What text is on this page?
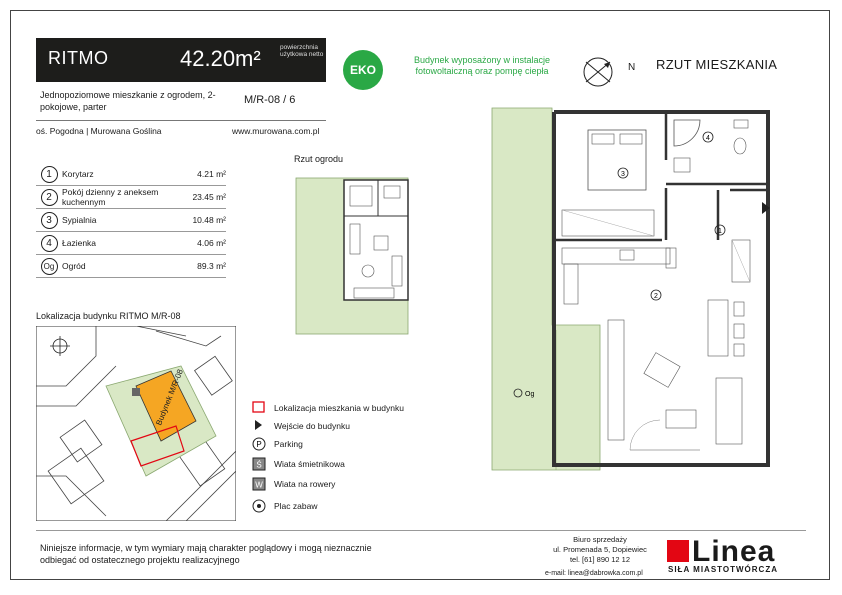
RITMO	42.20m²	powierzchnia użytkowa netto
Jednopoziomowe mieszkanie z ogrodem, 2-pokojowe, parter
M/R-08 / 6
oś. Pogodna | Murowana Goślina	www.murowana.com.pl
1	Korytarz	4.21 m²
2	Pokój dzienny z aneksem kuchennym	23.45 m²
3	Sypialnia	10.48 m²
4	Łazienka	4.06 m²
Og	Ogród	89.3 m²
EKO
Budynek wyposażony w instalacje fotowoltaiczną oraz pompę ciepła	N RZUT MIESZKANIA
Rzut ogrodu
Lokalizacja budynku RITMO M/R-08
Budynek M/R-08	Lokalizacja mieszkania w budynku
Wejście do budynku
P Parking
Ś Wiata śmietnikowa
W Wiata na rowery
Plac zabaw
Og
3
4
1
2
Niniejsze informacje, w tym wymiary mają charakter poglądowy i mogą nieznacznie odbiegać od ostatecznego projektu realizacyjnego
Biuro sprzedaży
ul. Promenada 5, Dopiewiec
tel. [61] 890 12 12
e-mail: linea@dabrowka.com.pl
Linea
SIŁA MIASTOTWÓRCZA
